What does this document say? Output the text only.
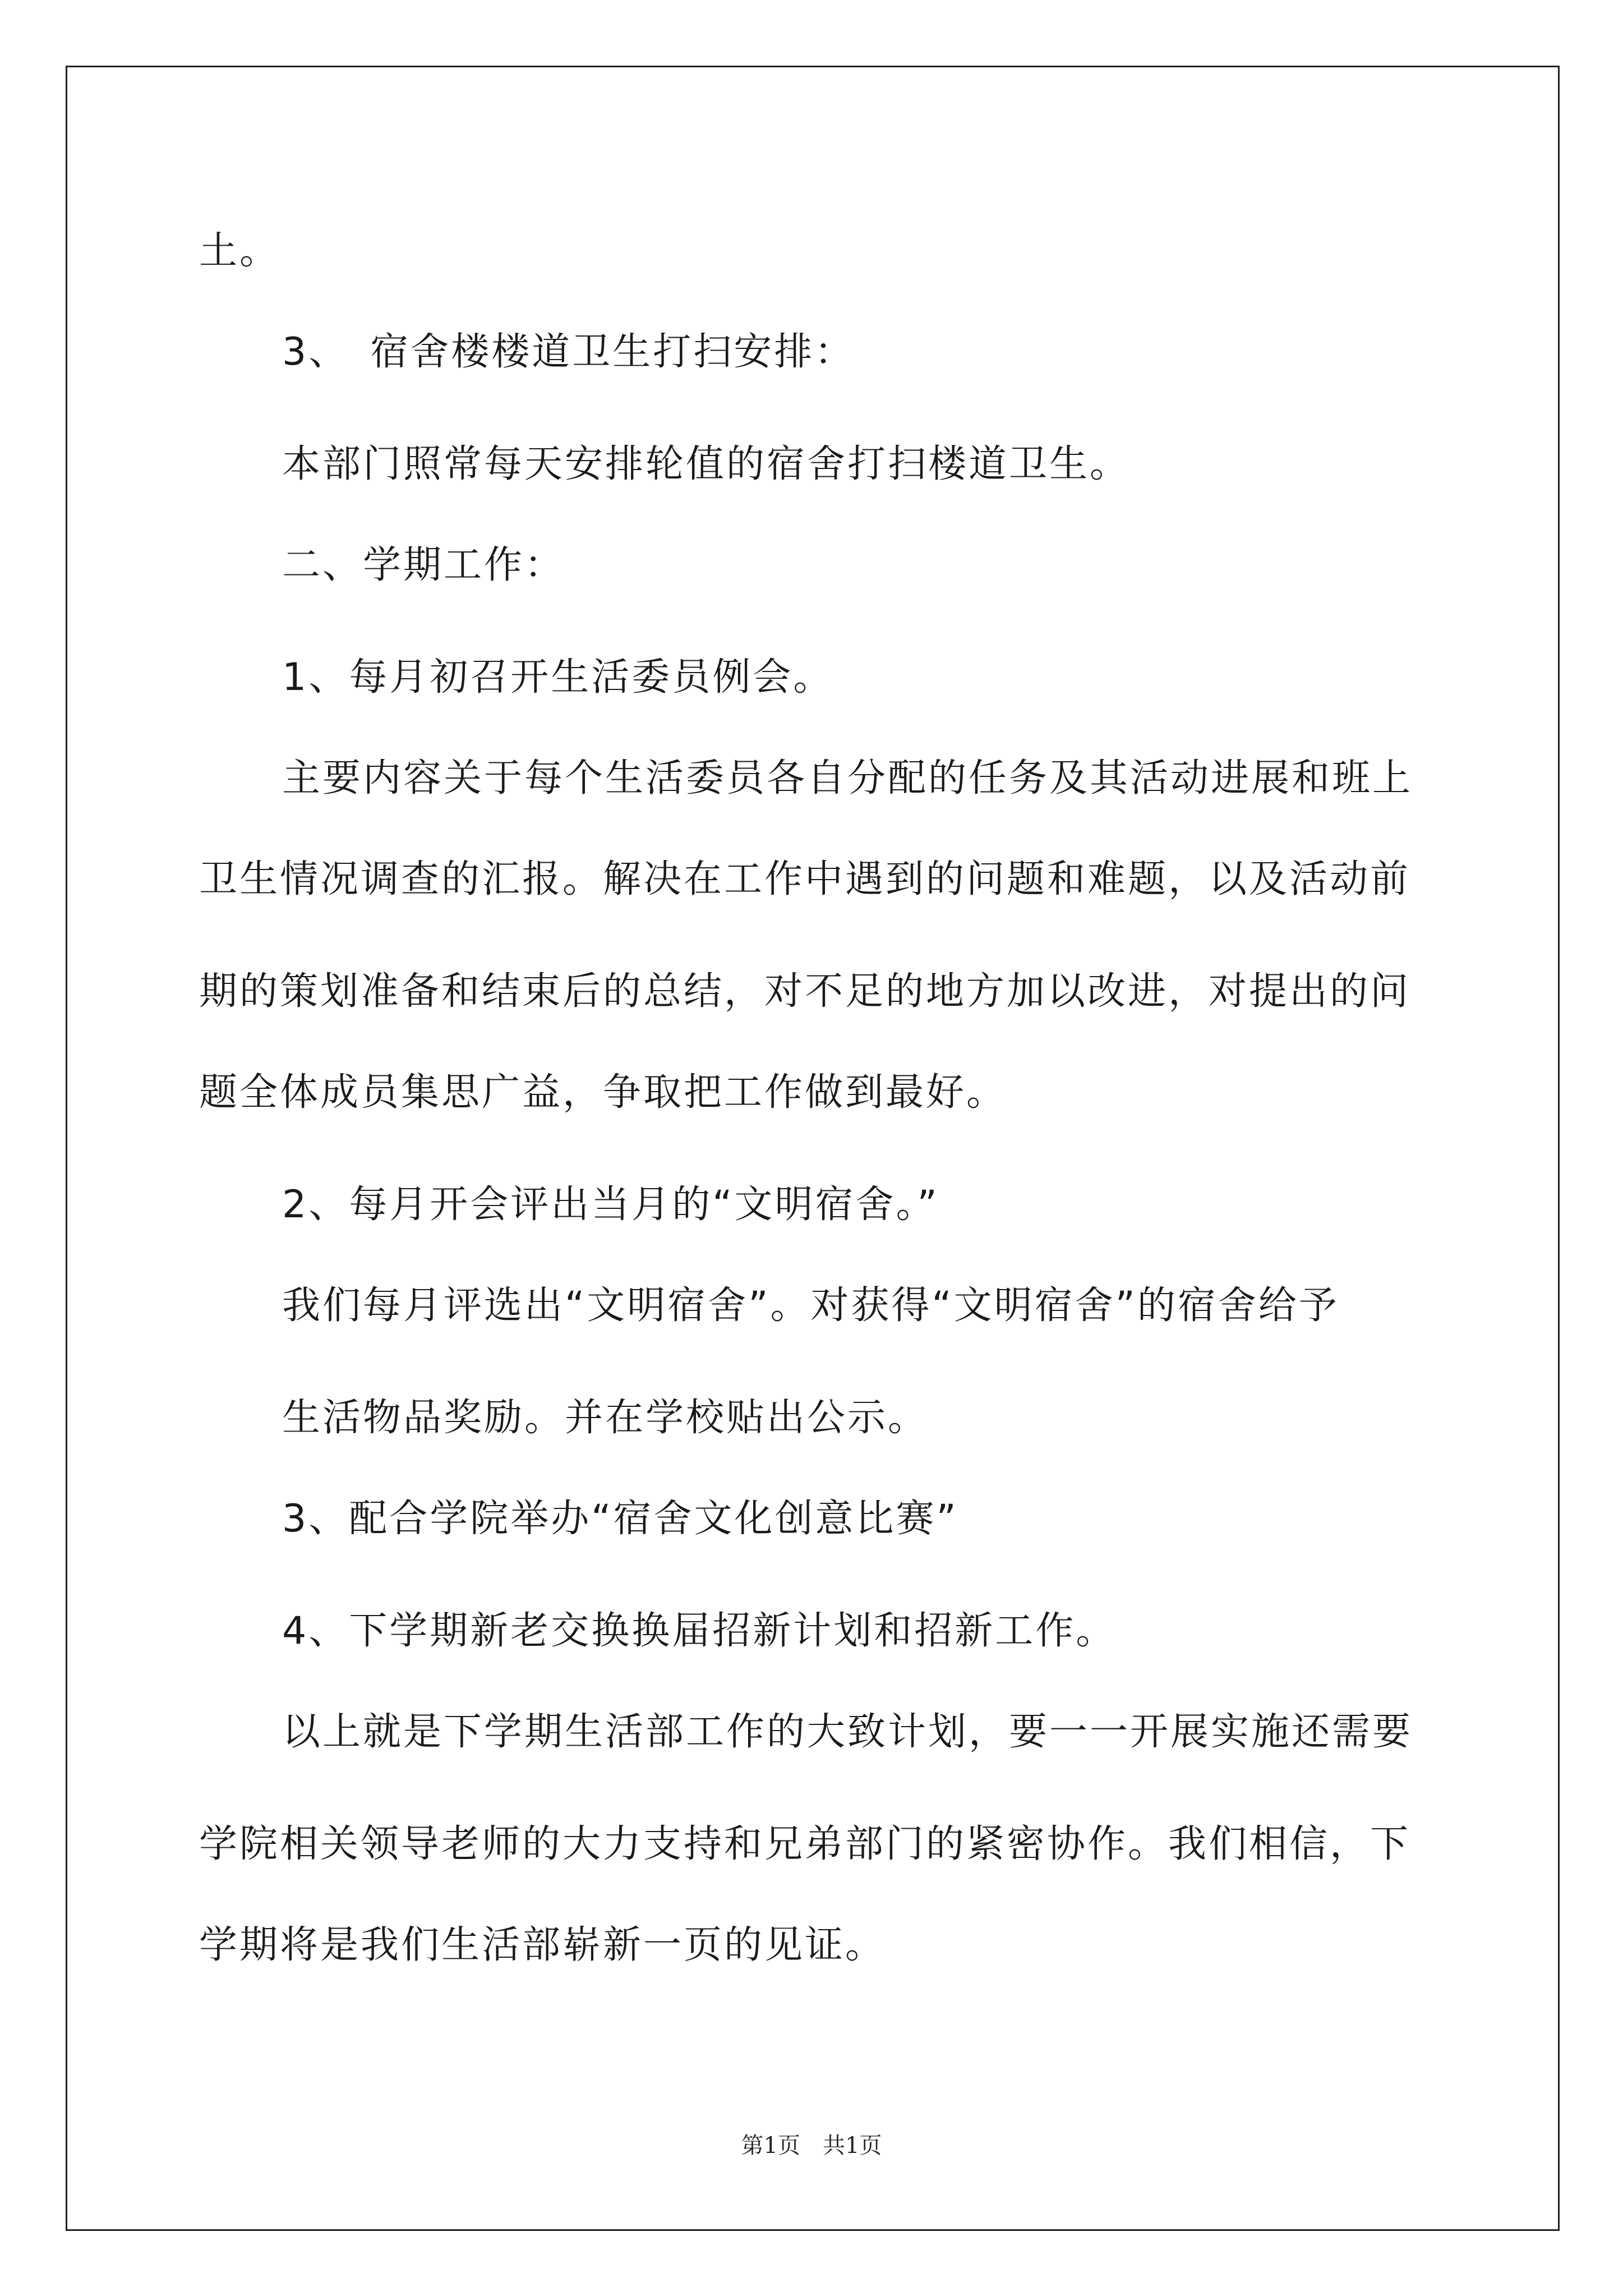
土。
3、　宿舍楼楼道卫生打扫安排：
本部门照常每天安排轮值的宿舍打扫楼道卫生。
二、学期工作：
1、每月初召开生活委员例会。
主要内容关于每个生活委员各自分配的任务及其活动进展和班上
卫生情况调查的汇报。解决在工作中遇到的问题和难题，以及活动前
期的策划准备和结束后的总结，对不足的地方加以改进，对提出的问
题全体成员集思广益，争取把工作做到最好。
2、每月开会评出当月的“文明宿舍。”
我们每月评选出“文明宿舍”。对获得“文明宿舍”的宿舍给予
生活物品奖励。并在学校贴出公示。
3、配合学院举办“宿舍文化创意比赛”
4、下学期新老交换换届招新计划和招新工作。
以上就是下学期生活部工作的大致计划，要一一开展实施还需要
学院相关领导老师的大力支持和兄弟部门的紧密协作。我们相信，下
学期将是我们生活部崭新一页的见证。
第1页　共1页
